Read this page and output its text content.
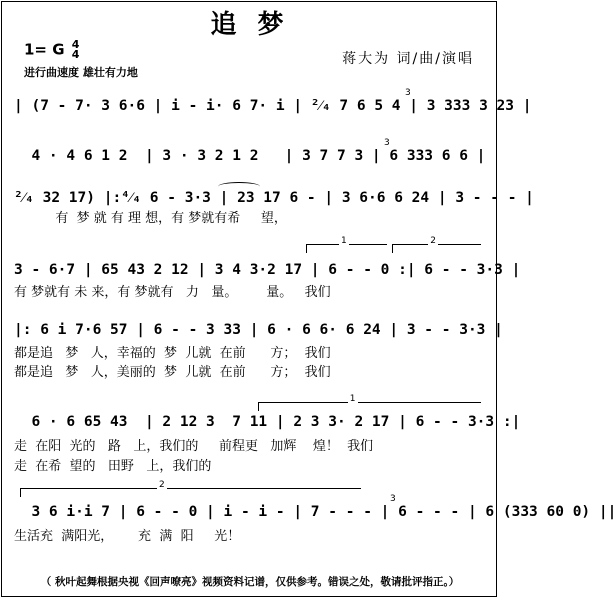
追 梦
1= G 4
4
进行曲速度 雄壮有力地
蒋大为 词/曲/演唱
| (7 - 7· 3 6·6 | i - i· 6 7· i | ²⁄₄ 7 6 5 4 | 3 333 3 23 |
3
4 · 4 6 1 2  | 3 · 3 2 1 2   | 3 7 7 3 | 6 333 6 6 |
3
²⁄₄ 32 17) |:⁴⁄₄ 6 - 3·3 | 23 17 6 - | 3 6·6 6 24 | 3 - - - |
有  梦 就 有 理 想，有 梦就有希     望，
1	2
3 - 6·7 | 65 43 2 12 | 3 4 3·2 17 | 6 - - 0 :| 6 - - 3·3 |
有 梦就有 未 来，有 梦就有   力   量。       量。   我们
|: 6 i 7·6 57 | 6 - - 3 33 | 6 · 6 6· 6 24 | 3 - - 3·3 |
都是追   梦   人，幸福的  梦  儿就  在前      方；  我们
都是追   梦   人，美丽的  梦  儿就  在前      方；  我们
1
6 · 6 65 43  | 2 12 3  7 11 | 2 3 3· 2 17 | 6 - - 3·3 :|
走  在阳  光的   路   上，我们的     前程更   加辉    煌！  我们
走  在希  望的   田野   上，我们的
2
3 6 i·i 7 | 6 - - 0 | i - i - | 7 - - - | 6 - - - | 6 (333 60 0) ||
3
生活充  满阳光，      充  满  阳     光！
（ 秋叶起舞根据央视《回声嘹亮》视频资料记谱，仅供参考。错误之处，敬请批评指正。）
